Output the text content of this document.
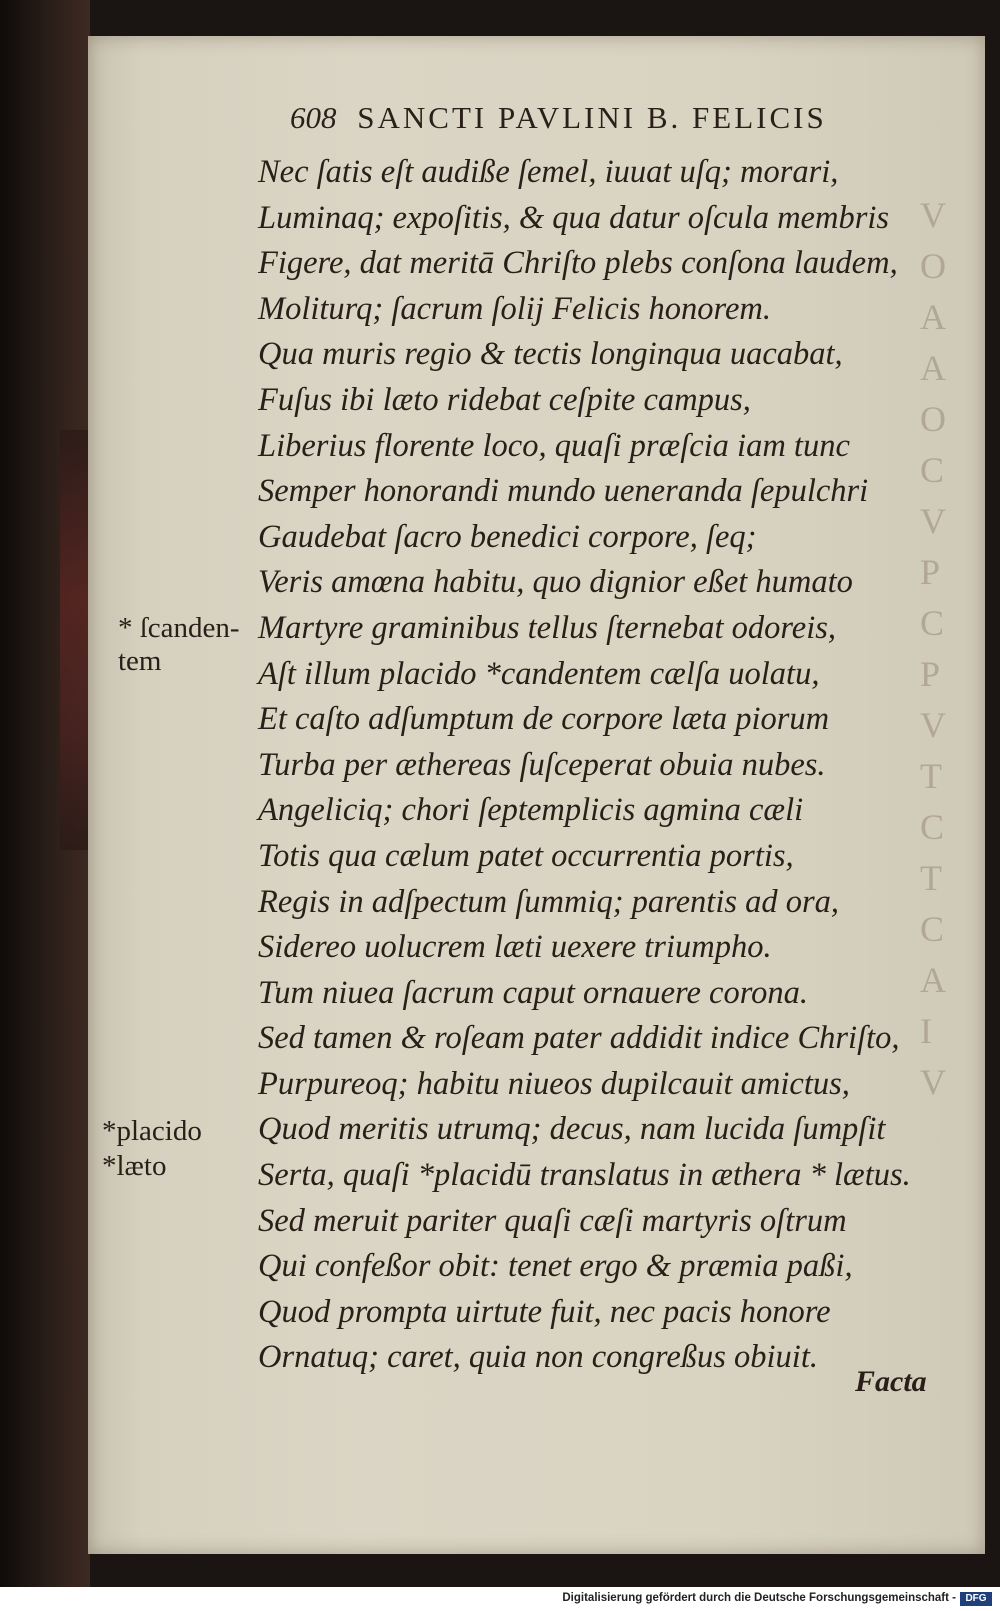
V
O
A
A
O
C
V
P
C
P
V
T
C
T
C
A
I
V
608 SANCTI PAVLINI B. FELICIS
Nec ſatis eſt audiße ſemel, iuuat uſq; morari,
Luminaq; expoſitis, & qua datur oſcula membris
Figere, dat meritā Chriſto plebs conſona laudem,
Moliturq; ſacrum ſolij Felicis honorem.
Qua muris regio & tectis longinqua uacabat,
Fuſus ibi læto ridebat ceſpite campus,
Liberius florente loco, quaſi præſcia iam tunc
Semper honorandi mundo ueneranda ſepulchri
Gaudebat ſacro benedici corpore, ſeq;
Veris amœna habitu, quo dignior eßet humato
Martyre graminibus tellus ſternebat odoreis,
Aſt illum placido *candentem cælſa uolatu,
Et caſto adſumptum de corpore læta piorum
Turba per æthereas ſuſceperat obuia nubes.
Angeliciq; chori ſeptemplicis agmina cæli
Totis qua cælum patet occurrentia portis,
Regis in adſpectum ſummiq; parentis ad ora,
Sidereo uolucrem læti uexere triumpho.
Tum niuea ſacrum caput ornauere corona.
Sed tamen & roſeam pater addidit indice Chriſto,
Purpureoq; habitu niueos dupilcauit amictus,
Quod meritis utrumq; decus, nam lucida ſumpſit
Serta, quaſi *placidū translatus in æthera * lætus.
Sed meruit pariter quaſi cæſi martyris oſtrum
Qui confeßor obit: tenet ergo & præmia paßi,
Quod prompta uirtute fuit, nec pacis honore
Ornatuq; caret, quia non congreßus obiuit.
* ſcanden-
tem
*placido
*læto
Facta
Digitalisierung gefördert durch die Deutsche Forschungsgemeinschaft - DFG
